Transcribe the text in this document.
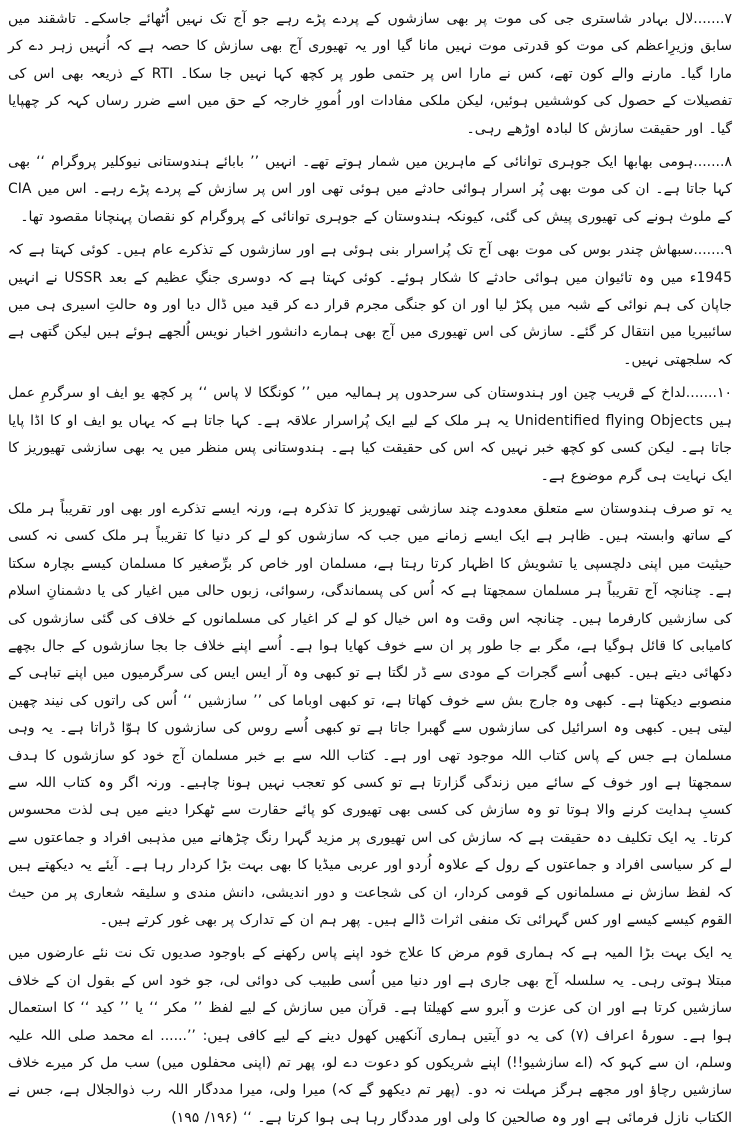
۷.......لال بہادر شاستری جی کی موت پر بھی سازشوں کے پردے پڑے رہے جو آج تک نہیں اُٹھائے جاسکے۔ تاشقند میں سابق وزیرِاعظم کی موت کو قدرتی موت نہیں مانا گیا اور یہ تھیوری آج بھی سازش کا حصہ ہے کہ اُنہیں زہر دے کر مارا گیا۔ مارنے والے کون تھے، کس نے مارا اس پر حتمی طور پر کچھ کہا نہیں جا سکا۔ RTI کے ذریعہ بھی اس کی تفصیلات کے حصول کی کوششیں ہوئیں، لیکن ملکی مفادات اور اُمورِ خارجہ کے حق میں اسے ضرر رساں کہہ کر چھپایا گیا۔ اور حقیقت سازش کا لبادہ اوڑھے رہی۔

۸.......ہومی بھابھا ایک جوہری توانائی کے ماہرین میں شمار ہوتے تھے۔ انہیں ’’ بابائے ہندوستانی نیوکلیر پروگرام ‘‘ بھی کہا جاتا ہے۔ ان کی موت بھی پُر اسرار ہوائی حادثے میں ہوئی تھی اور اس پر سازش کے پردے پڑے رہے۔ اس میں CIA کے ملوث ہونے کی تھیوری پیش کی گئی، کیونکہ ہندوستان کے جوہری توانائی کے پروگرام کو نقصان پہنچانا مقصود تھا۔

۹.......سبھاش چندر بوس کی موت بھی آج تک پُراسرار بنی ہوئی ہے اور سازشوں کے تذکرے عام ہیں۔ کوئی کہتا ہے کہ 1945ء میں وہ تائیوان میں ہوائی حادثے کا شکار ہوئے۔ کوئی کہتا ہے کہ دوسری جنگِ عظیم کے بعد USSR نے انہیں جاپان کی ہم نوائی کے شبہ میں پکڑ لیا اور ان کو جنگی مجرم قرار دے کر قید میں ڈال دیا اور وہ حالتِ اسیری ہی میں سائبیریا میں انتقال کر گئے۔ سازش کی اس تھیوری میں آج بھی ہمارے دانشور اخبار نویس اُلجھے ہوئے ہیں لیکن گتھی ہے کہ سلجھتی نہیں۔

۱۰.......لداخ کے قریب چین اور ہندوستان کی سرحدوں پر ہمالیہ میں ’’ کونگکا لا پاس ‘‘ پر کچھ یو ایف او سرگرمِ عمل ہیں Unidentified flying Objects یہ ہر ملک کے لیے ایک پُراسرار علاقہ ہے۔ کہا جاتا ہے کہ یہاں یو ایف او کا اڈا پایا جاتا ہے۔ لیکن کسی کو کچھ خبر نہیں کہ اس کی حقیقت کیا ہے۔ ہندوستانی پس منظر میں یہ بھی سازشی تھیوریز کا ایک نہایت ہی گرم موضوع ہے۔

یہ تو صرف ہندوستان سے متعلق معدودے چند سازشی تھیوریز کا تذکرہ ہے، ورنہ ایسے تذکرے اور بھی اور تقریباً ہر ملک کے ساتھ وابستہ ہیں۔ ظاہر ہے ایک ایسے زمانے میں جب کہ سازشوں کو لے کر دنیا کا تقریباً ہر ملک کسی نہ کسی حیثیت میں اپنی دلچسپی یا تشویش کا اظہار کرتا رہتا ہے، مسلمان اور خاص کر برِّصغیر کا مسلمان کیسے بچارہ سکتا ہے۔ چنانچہ آج تقریباً ہر مسلمان سمجھتا ہے کہ اُس کی پسماندگی، رسوائی، زبوں حالی میں اغیار کی یا دشمنانِ اسلام کی سازشیں کارفرما ہیں۔ چنانچہ اس وقت وہ اس خیال کو لے کر اغیار کی مسلمانوں کے خلاف کی گئی سازشوں کی کامیابی کا قائل ہوگیا ہے، مگر بے جا طور پر ان سے خوف کھایا ہوا ہے۔ اُسے اپنے خلاف جا بجا سازشوں کے جال بچھے دکھائی دیتے ہیں۔ کبھی اُسے گجرات کے مودی سے ڈر لگتا ہے تو کبھی وہ آر ایس ایس کی سرگرمیوں میں اپنے تباہی کے منصوبے دیکھتا ہے۔ کبھی وہ جارج بش سے خوف کھاتا ہے، تو کبھی اوباما کی ’’ سازشیں ‘‘ اُس کی راتوں کی نیند چھین لیتی ہیں۔ کبھی وہ اسرائیل کی سازشوں سے گھبرا جاتا ہے تو کبھی اُسے روس کی سازشوں کا ہوّا ڈراتا ہے۔ یہ وہی مسلمان ہے جس کے پاس کتاب اللہ موجود تھی اور ہے۔ کتاب اللہ سے بے خبر مسلمان آج خود کو سازشوں کا ہدف سمجھتا ہے اور خوف کے سائے میں زندگی گزارتا ہے تو کسی کو تعجب نہیں ہونا چاہیے۔ ورنہ اگر وہ کتاب اللہ سے کسبِ ہدایت کرنے والا ہوتا تو وہ سازش کی کسی بھی تھیوری کو پائے حقارت سے ٹھکرا دینے میں ہی لذت محسوس کرتا۔ یہ ایک تکلیف دہ حقیقت ہے کہ سازش کی اس تھیوری پر مزید گہرا رنگ چڑھانے میں مذہبی افراد و جماعتوں سے لے کر سیاسی افراد و جماعتوں کے رول کے علاوہ اُردو اور عربی میڈیا کا بھی بہت بڑا کردار رہا ہے۔ آیئے یہ دیکھتے ہیں کہ لفظ سازش نے مسلمانوں کے قومی کردار، ان کی شجاعت و دور اندیشی، دانش مندی و سلیقہ شعاری پر من حیث القوم کیسے کیسے اور کس گہرائی تک منفی اثرات ڈالے ہیں۔ پھر ہم ان کے تدارک پر بھی غور کرتے ہیں۔

یہ ایک بہت بڑا المیہ ہے کہ ہماری قوم مرض کا علاج خود اپنے پاس رکھنے کے باوجود صدیوں تک نت نئے عارضوں میں مبتلا ہوتی رہی۔ یہ سلسلہ آج بھی جاری ہے اور دنیا میں اُسی طبیب کی دوائی لی، جو خود اس کے بقول ان کے خلاف سازشیں کرتا ہے اور ان کی عزت و آبرو سے کھیلتا ہے۔ قرآن میں سازش کے لیے لفظ ’’ مکر ‘‘ یا ’’ کید ‘‘ کا استعمال ہوا ہے۔ سورۂ اعراف (۷) کی یہ دو آیتیں ہماری آنکھیں کھول دینے کے لیے کافی ہیں: ’’...... اے محمد صلی اللہ علیہ وسلم، ان سے کہو کہ (اے سازشیو!!) اپنے شریکوں کو دعوت دے لو، پھر تم (اپنی محفلوں میں) سب مل کر میرے خلاف سازشیں رچاؤ اور مجھے ہرگز مہلت نہ دو۔ (پھر تم دیکھو گے کہ) میرا ولی، میرا مددگار اللہ رب ذوالجلال ہے، جس نے الکتاب نازل فرمائی ہے اور وہ صالحین کا ولی اور مددگار رہا ہی ہوا کرتا ہے۔ ‘‘ (۱۹۶/ ۱۹۵)
